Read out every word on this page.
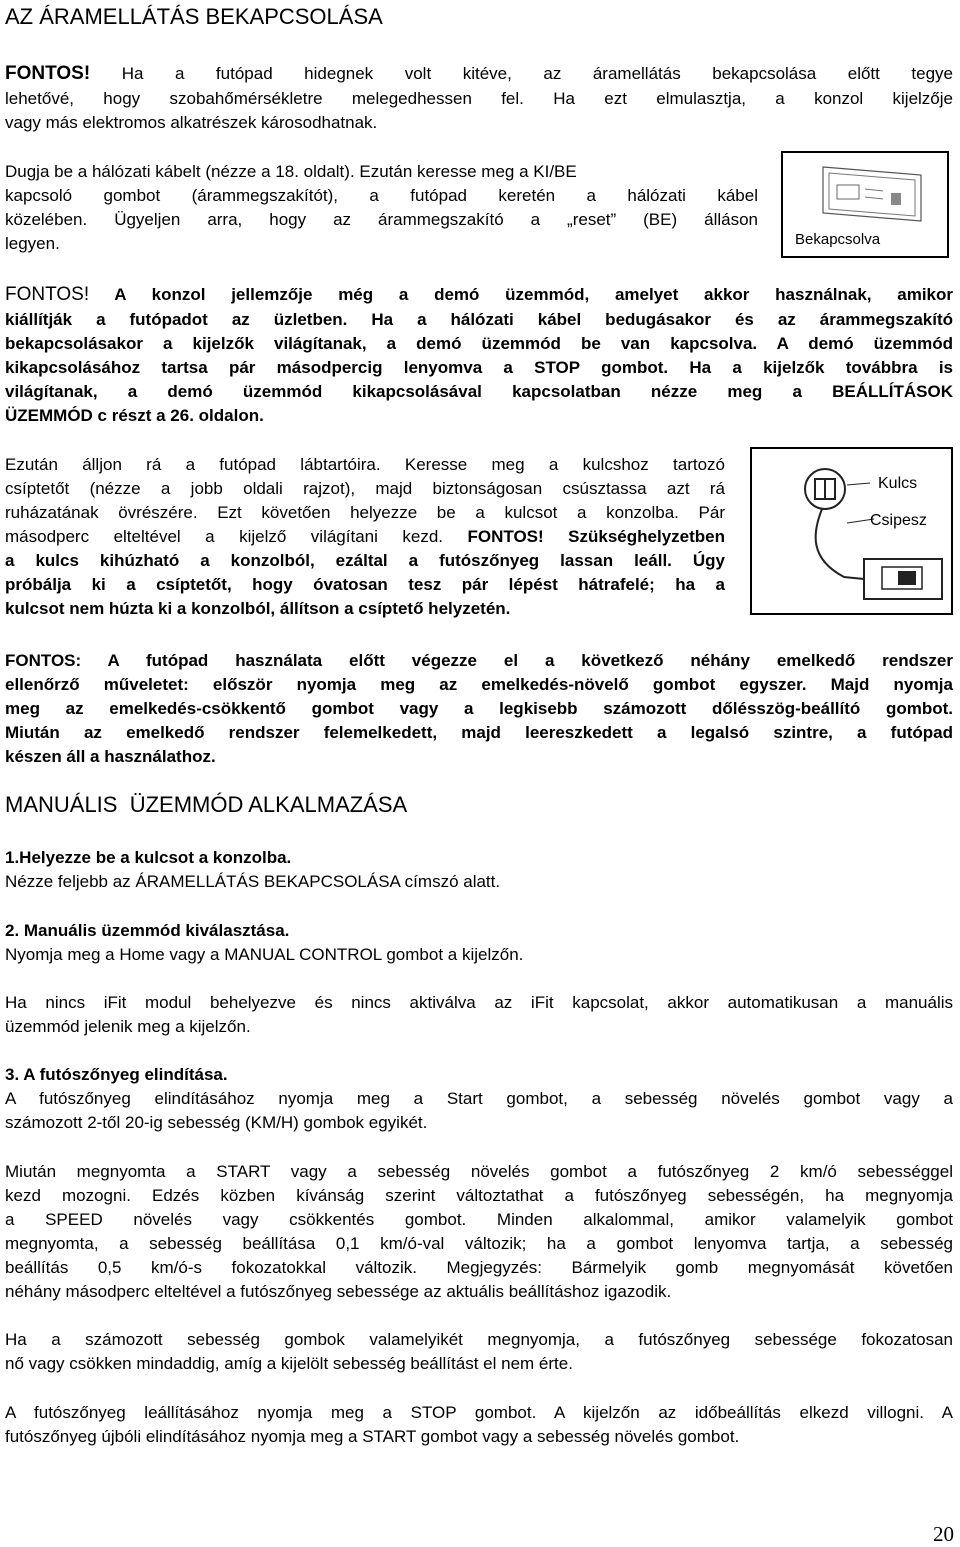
AZ ÁRAMELLÁTÁS BEKAPCSOLÁSA
FONTOS! Ha a futópad hidegnek volt kitéve, az áramellátás bekapcsolása előtt tegye
lehetővé, hogy szobahőmérsékletre melegedhessen fel. Ha ezt elmulasztja, a konzol kijelzője
vagy más elektromos alkatrészek károsodhatnak.
Dugja be a hálózati kábelt (nézze a 18. oldalt). Ezután keresse meg a KI/BE
kapcsoló gombot (árammegszakítót), a futópad keretén a hálózati kábel
közelében. Ügyeljen arra, hogy az árammegszakító a „reset” (BE) álláson
legyen.	Bekapcsolva
FONTOS! A konzol jellemzője még a demó üzemmód, amelyet akkor használnak, amikor
kiállítják a futópadot az üzletben. Ha a hálózati kábel bedugásakor és az árammegszakító
bekapcsolásakor a kijelzők világítanak, a demó üzemmód be van kapcsolva. A demó üzemmód
kikapcsolásához tartsa pár másodpercig lenyomva a STOP gombot. Ha a kijelzők továbbra is
világítanak, a demó üzemmód kikapcsolásával kapcsolatban nézze meg a BEÁLLÍTÁSOK
ÜZEMMÓD c részt a 26. oldalon.
Ezután álljon rá a futópad lábtartóira. Keresse meg a kulcshoz tartozó
csíptetőt (nézze a jobb oldali rajzot), majd biztonságosan csúsztassa azt rá
ruházatának övrészére. Ezt követően helyezze be a kulcsot a konzolba. Pár
másodperc elteltével a kijelző világítani kezd. FONTOS! Szükséghelyzetben
a kulcs kihúzható a konzolból, ezáltal a futószőnyeg lassan leáll. Úgy
próbálja ki a csíptetőt, hogy óvatosan tesz pár lépést hátrafelé; ha a
kulcsot nem húzta ki a konzolból, állítson a csíptető helyzetén.
Kulcs
Csipesz
FONTOS: A futópad használata előtt végezze el a következő néhány emelkedő rendszer
ellenőrző műveletet: először nyomja meg az emelkedés-növelő gombot egyszer. Majd nyomja
meg az emelkedés-csökkentő gombot vagy a legkisebb számozott dőlésszög-beállító gombot.
Miután az emelkedő rendszer felemelkedett, majd leereszkedett a legalsó szintre, a futópad
készen áll a használathoz.
MANUÁLIS  ÜZEMMÓD ALKALMAZÁSA
1.Helyezze be a kulcsot a konzolba.
Nézze feljebb az ÁRAMELLÁTÁS BEKAPCSOLÁSA címszó alatt.
2. Manuális üzemmód kiválasztása.
Nyomja meg a Home vagy a MANUAL CONTROL gombot a kijelzőn.
Ha nincs iFit modul behelyezve és nincs aktiválva az iFit kapcsolat, akkor automatikusan a manuális
üzemmód jelenik meg a kijelzőn.
3. A futószőnyeg elindítása.
A futószőnyeg elindításához nyomja meg a Start gombot, a sebesség növelés gombot vagy a
számozott 2-től 20-ig sebesség (KM/H) gombok egyikét.
Miután megnyomta a START vagy a sebesség növelés gombot a futószőnyeg 2 km/ó sebességgel
kezd mozogni. Edzés közben kívánság szerint változtathat a futószőnyeg sebességén, ha megnyomja
a SPEED növelés vagy csökkentés gombot. Minden alkalommal, amikor valamelyik gombot
megnyomta, a sebesség beállítása 0,1 km/ó-val változik; ha a gombot lenyomva tartja, a sebesség
beállítás 0,5 km/ó-s fokozatokkal változik. Megjegyzés: Bármelyik gomb megnyomását követően
néhány másodperc elteltével a futószőnyeg sebessége az aktuális beállításhoz igazodik.
Ha a számozott sebesség gombok valamelyikét megnyomja, a futószőnyeg sebessége fokozatosan
nő vagy csökken mindaddig, amíg a kijelölt sebesség beállítást el nem érte.
A futószőnyeg leállításához nyomja meg a STOP gombot. A kijelzőn az időbeállítás elkezd villogni. A
futószőnyeg újbóli elindításához nyomja meg a START gombot vagy a sebesség növelés gombot.
20
